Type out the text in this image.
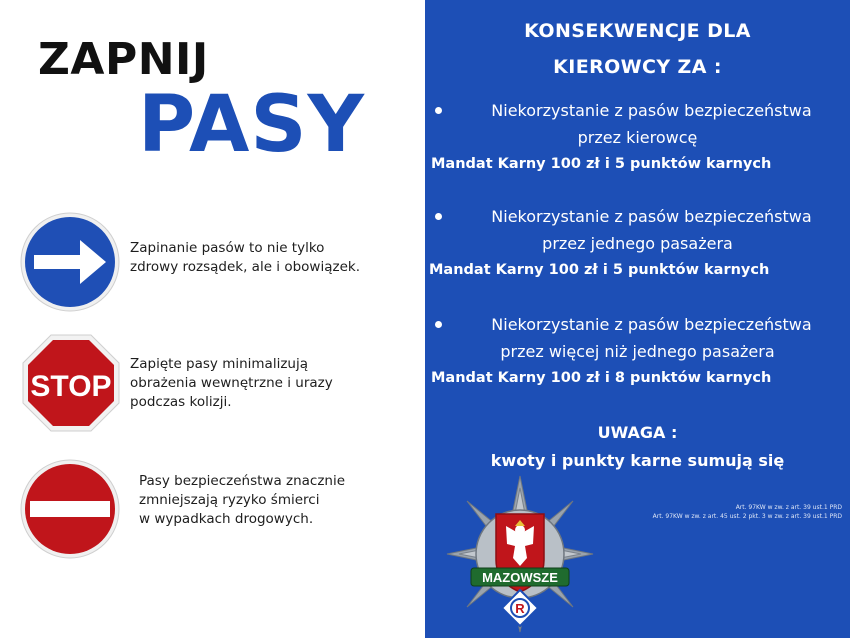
ZAPNIJ
PASY
Zapinanie pasów to nie tylko
zdrowy rozsądek, ale i obowiązek.
STOP
Zapięte pasy minimalizują
obrażenia wewnętrzne i urazy
podczas kolizji.
Pasy bezpieczeństwa znacznie
zmniejszają ryzyko śmierci
w wypadkach drogowych.
KONSEKWENCJE DLA
KIEROWCY ZA :
Niekorzystanie z pasów bezpieczeństwa
przez kierowcę
Mandat Karny 100 zł i 5 punktów karnych
Niekorzystanie z pasów bezpieczeństwa
przez jednego pasażera
Mandat Karny 100 zł i 5 punktów karnych
Niekorzystanie z pasów bezpieczeństwa
przez więcej niż jednego pasażera
Mandat Karny 100 zł i 8 punktów karnych
UWAGA :
kwoty i punkty karne sumują się
Art. 97KW w zw. z art. 39 ust.1 PRD
Art. 97KW w zw. z art. 45 ust. 2 pkt. 3 w zw. z art. 39 ust.1 PRD
MAZOWSZE
R
